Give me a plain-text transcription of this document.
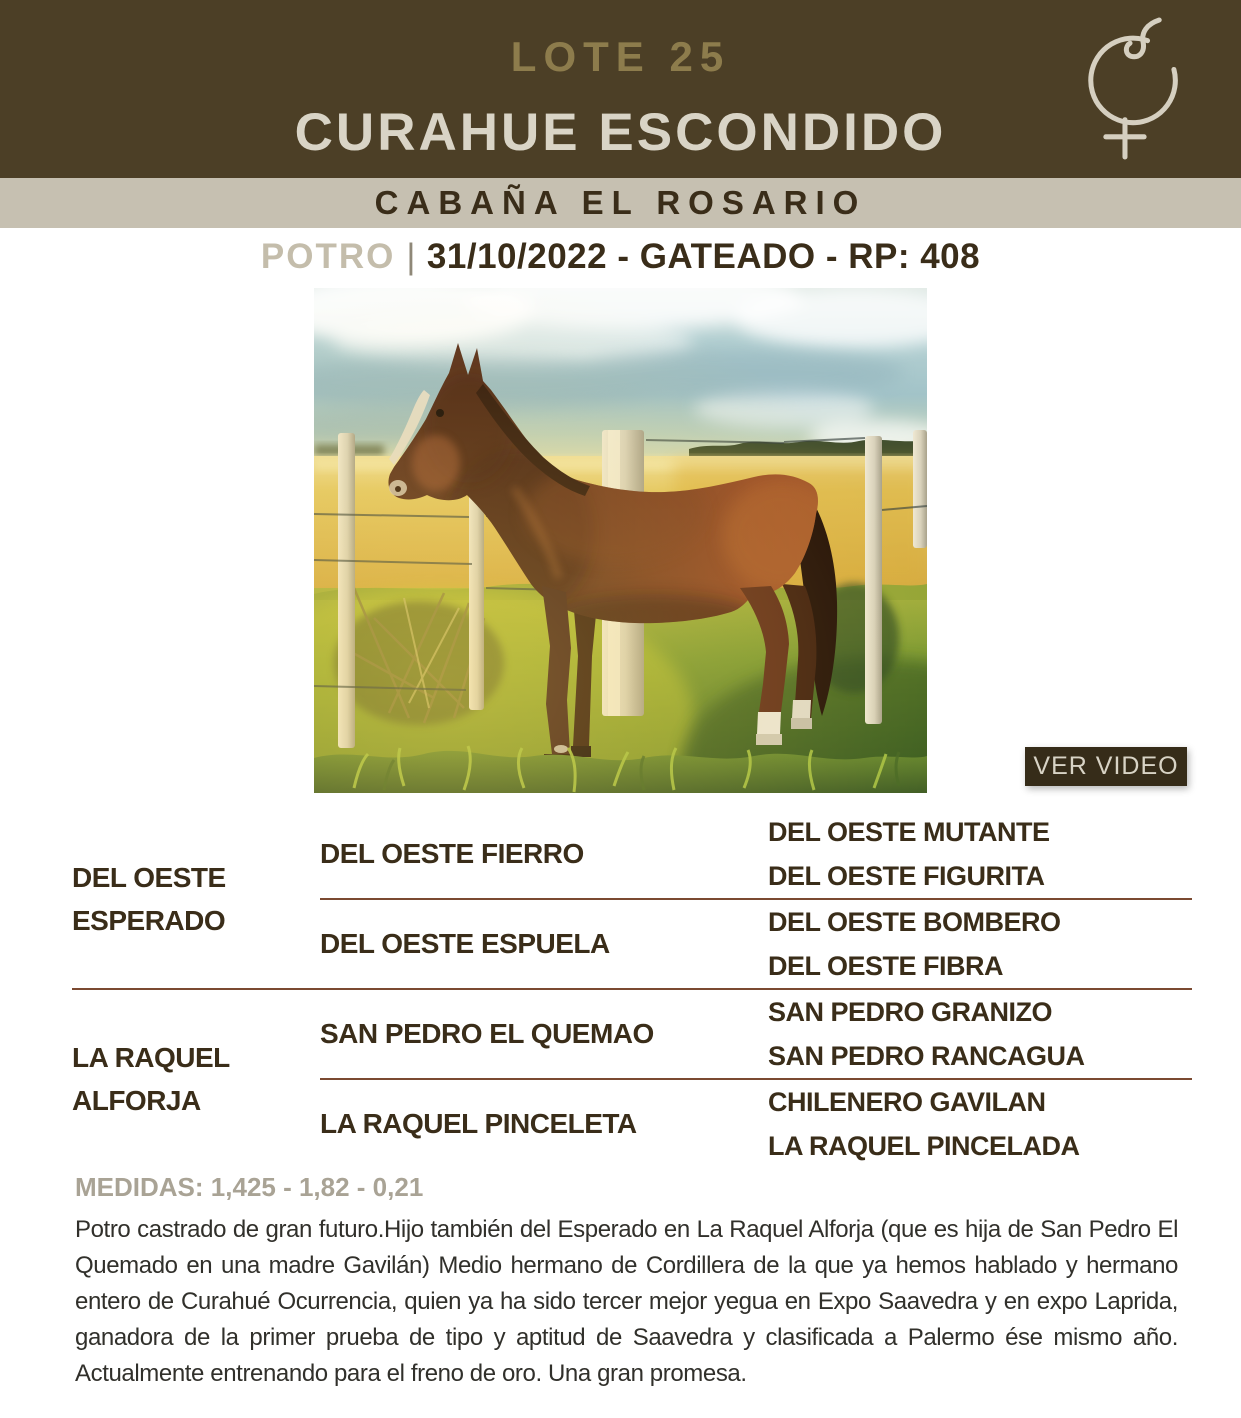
LOTE 25
CURAHUE ESCONDIDO
CABAÑA EL ROSARIO
POTRO | 31/10/2022 - GATEADO - RP: 408
VER VIDEO
DEL OESTE
ESPERADO
DEL OESTE FIERRO
DEL OESTE MUTANTE
DEL OESTE FIGURITA
DEL OESTE ESPUELA
DEL OESTE BOMBERO
DEL OESTE FIBRA
LA RAQUEL
ALFORJA
SAN PEDRO EL QUEMAO
SAN PEDRO GRANIZO
SAN PEDRO RANCAGUA
LA RAQUEL PINCELETA
CHILENERO GAVILAN
LA RAQUEL PINCELADA
MEDIDAS: 1,425 - 1,82 - 0,21

Potro castrado de gran futuro.Hijo también del Esperado en La Raquel Alforja (que es hija de San Pedro El Quemado en una madre Gavilán) Medio hermano de Cordillera de la que ya hemos hablado y hermano entero de Curahué Ocurrencia, quien ya ha sido tercer mejor yegua en Expo Saavedra y en expo Laprida, ganadora de la primer prueba de tipo y aptitud de Saavedra y clasificada a Palermo ése mismo año. Actualmente entrenando para el freno de oro. Una gran promesa.
